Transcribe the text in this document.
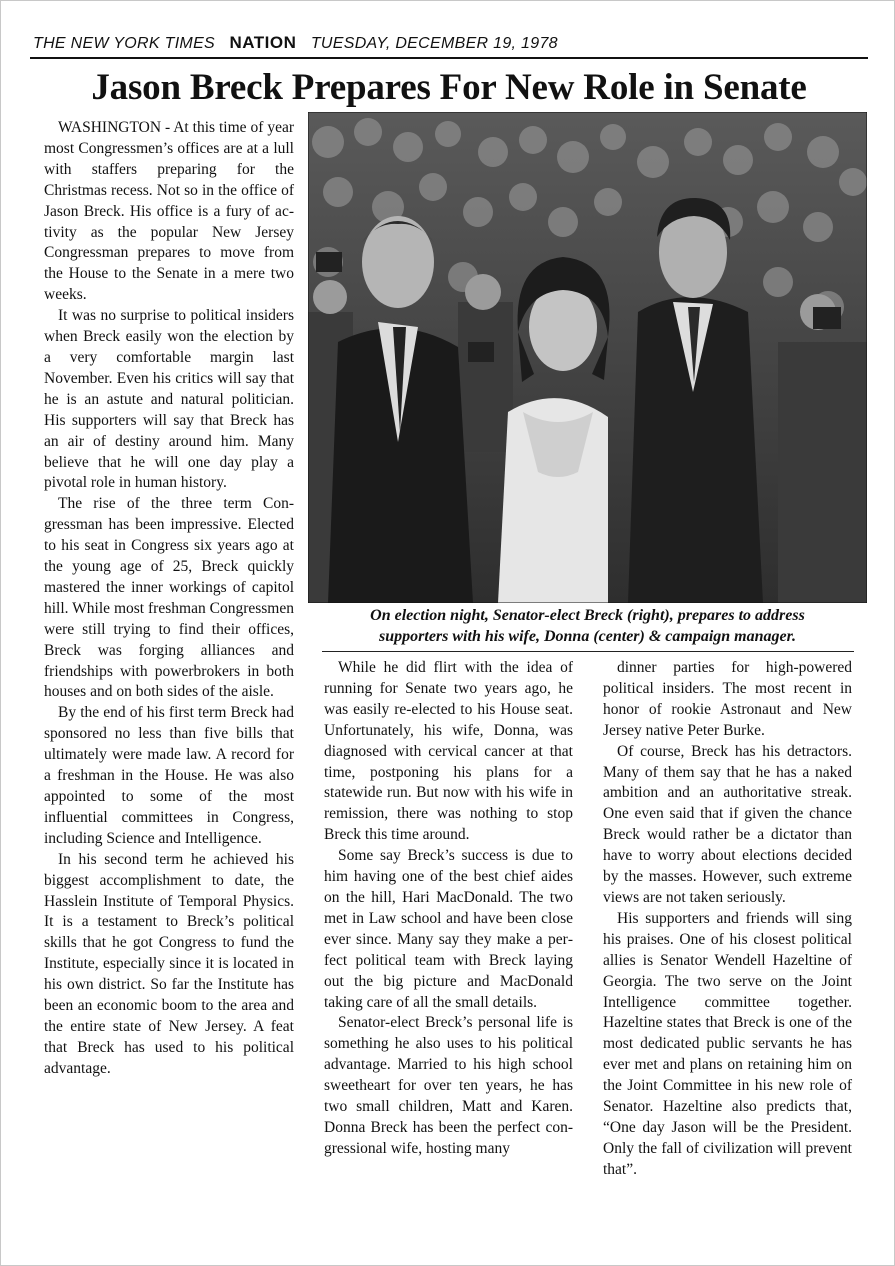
THE NEW YORK TIMES NATION TUESDAY, DECEMBER 19, 1978
Jason Breck Prepares For New Role in Senate

WASHINGTON - At this time of year most Congressmen’s offices are at a lull with staffers preparing for the Christmas recess. Not so in the office of Jason Breck. His office is a fury of activity as the popular New Jersey Congressman prepares to move from the House to the Senate in a mere two weeks.

It was no surprise to political insiders when Breck easily won the election by a very comfortable margin last November. Even his critics will say that he is an astute and natural politician. His supporters will say that Breck has an air of destiny around him. Many believe that he will one day play a pivotal role in human history.

The rise of the three term Congressman has been impressive. Elected to his seat in Congress six years ago at the young age of 25, Breck quickly mastered the inner workings of capitol hill. While most freshman Congressmen were still trying to find their offices, Breck was forging alliances and friendships with powerbrokers in both houses and on both sides of the aisle.

By the end of his first term Breck had sponsored no less than five bills that ultimately were made law. A record for a freshman in the House. He was also appointed to some of the most influential committees in Congress, including Science and Intelligence.

In his second term he achieved his biggest accomplishment to date, the Hasslein Institute of Temporal Physics. It is a testament to Breck’s political skills that he got Congress to fund the Institute, especially since it is located in his own district. So far the Institute has been an economic boom to the area and the entire state of New Jersey. A feat that Breck has used to his political advantage.

On election night, Senator-elect Breck (right), prepares to address
supporters with his wife, Donna (center) & campaign manager.

While he did flirt with the idea of running for Senate two years ago, he was easily re-elected to his House seat. Unfortunately, his wife, Donna, was diagnosed with cervical cancer at that time, postponing his plans for a statewide run. But now with his wife in remission, there was nothing to stop Breck this time around.

Some say Breck’s success is due to him having one of the best chief aides on the hill, Hari MacDonald. The two met in Law school and have been close ever since. Many say they make a perfect political team with Breck laying out the big picture and MacDonald taking care of all the small details.

Senator-elect Breck’s personal life is something he also uses to his political advantage. Married to his high school sweetheart for over ten years, he has two small children, Matt and Karen. Donna Breck has been the perfect congressional wife, hosting many

dinner parties for high-powered political insiders. The most recent in honor of rookie Astronaut and New Jersey native Peter Burke.

Of course, Breck has his detractors. Many of them say that he has a naked ambition and an authoritative streak. One even said that if given the chance Breck would rather be a dictator than have to worry about elections decided by the masses. However, such extreme views are not taken seriously.

His supporters and friends will sing his praises. One of his closest political allies is Senator Wendell Hazeltine of Georgia. The two serve on the Joint Intelligence committee together. Hazeltine states that Breck is one of the most dedicated public servants he has ever met and plans on retaining him on the Joint Committee in his new role of Senator. Hazeltine also predicts that, “One day Jason will be the President. Only the fall of civilization will prevent that”.
